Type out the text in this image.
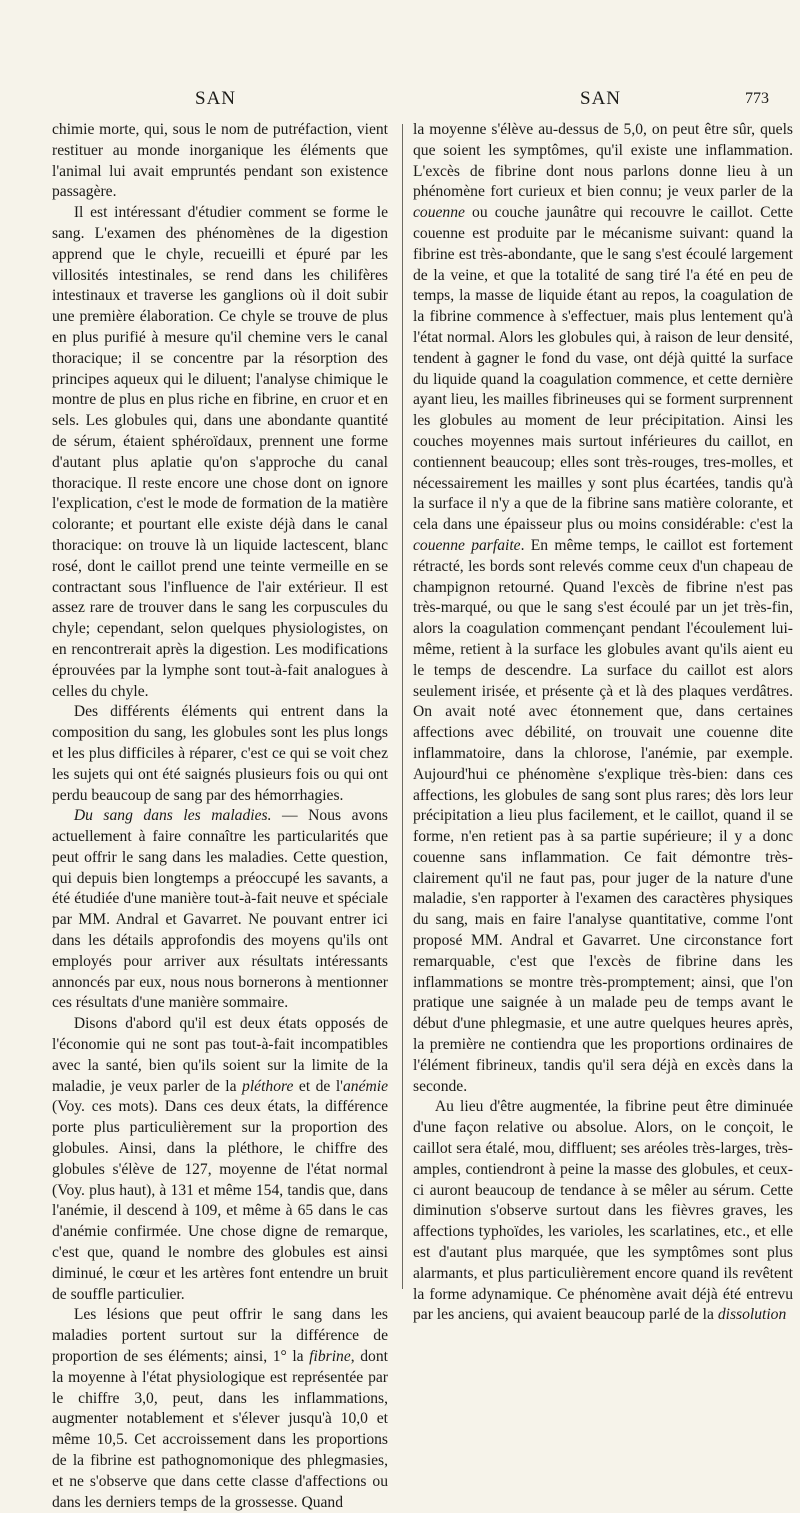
SAN	SAN	773

chimie morte, qui, sous le nom de putréfaction, vient restituer au monde inorganique les éléments que l'animal lui avait empruntés pendant son existence passagère.

Il est intéressant d'étudier comment se forme le sang. L'examen des phénomènes de la digestion apprend que le chyle, recueilli et épuré par les villosités intestinales, se rend dans les chilifères intestinaux et traverse les ganglions où il doit subir une première élaboration. Ce chyle se trouve de plus en plus purifié à mesure qu'il chemine vers le canal thoracique; il se concentre par la résorption des principes aqueux qui le diluent; l'analyse chimique le montre de plus en plus riche en fibrine, en cruor et en sels. Les globules qui, dans une abondante quantité de sérum, étaient sphéroïdaux, prennent une forme d'autant plus aplatie qu'on s'approche du canal thoracique. Il reste encore une chose dont on ignore l'explication, c'est le mode de formation de la matière colorante; et pourtant elle existe déjà dans le canal thoracique: on trouve là un liquide lactescent, blanc rosé, dont le caillot prend une teinte vermeille en se contractant sous l'influence de l'air extérieur. Il est assez rare de trouver dans le sang les corpuscules du chyle; cependant, selon quelques physiologistes, on en rencontrerait après la digestion. Les modifications éprouvées par la lymphe sont tout-à-fait analogues à celles du chyle.

Des différents éléments qui entrent dans la composition du sang, les globules sont les plus longs et les plus difficiles à réparer, c'est ce qui se voit chez les sujets qui ont été saignés plusieurs fois ou qui ont perdu beaucoup de sang par des hémorrhagies.

Du sang dans les maladies. — Nous avons actuellement à faire connaître les particularités que peut offrir le sang dans les maladies. Cette question, qui depuis bien longtemps a préoccupé les savants, a été étudiée d'une manière tout-à-fait neuve et spéciale par MM. Andral et Gavarret. Ne pouvant entrer ici dans les détails approfondis des moyens qu'ils ont employés pour arriver aux résultats intéressants annoncés par eux, nous nous bornerons à mentionner ces résultats d'une manière sommaire.

Disons d'abord qu'il est deux états opposés de l'économie qui ne sont pas tout-à-fait incompatibles avec la santé, bien qu'ils soient sur la limite de la maladie, je veux parler de la pléthore et de l'anémie (Voy. ces mots). Dans ces deux états, la différence porte plus particulièrement sur la proportion des globules. Ainsi, dans la pléthore, le chiffre des globules s'élève de 127, moyenne de l'état normal (Voy. plus haut), à 131 et même 154, tandis que, dans l'anémie, il descend à 109, et même à 65 dans le cas d'anémie confirmée. Une chose digne de remarque, c'est que, quand le nombre des globules est ainsi diminué, le cœur et les artères font entendre un bruit de souffle particulier.

Les lésions que peut offrir le sang dans les maladies portent surtout sur la différence de proportion de ses éléments; ainsi, 1° la fibrine, dont la moyenne à l'état physiologique est représentée par le chiffre 3,0, peut, dans les inflammations, augmenter notablement et s'élever jusqu'à 10,0 et même 10,5. Cet accroissement dans les proportions de la fibrine est pathognomonique des phlegmasies, et ne s'observe que dans cette classe d'affections ou dans les derniers temps de la grossesse. Quand

la moyenne s'élève au-dessus de 5,0, on peut être sûr, quels que soient les symptômes, qu'il existe une inflammation. L'excès de fibrine dont nous parlons donne lieu à un phénomène fort curieux et bien connu; je veux parler de la couenne ou couche jaunâtre qui recouvre le caillot. Cette couenne est produite par le mécanisme suivant: quand la fibrine est très-abondante, que le sang s'est écoulé largement de la veine, et que la totalité de sang tiré l'a été en peu de temps, la masse de liquide étant au repos, la coagulation de la fibrine commence à s'effectuer, mais plus lentement qu'à l'état normal. Alors les globules qui, à raison de leur densité, tendent à gagner le fond du vase, ont déjà quitté la surface du liquide quand la coagulation commence, et cette dernière ayant lieu, les mailles fibrineuses qui se forment surprennent les globules au moment de leur précipitation. Ainsi les couches moyennes mais surtout inférieures du caillot, en contiennent beaucoup; elles sont très-rouges, tres-molles, et nécessairement les mailles y sont plus écartées, tandis qu'à la surface il n'y a que de la fibrine sans matière colorante, et cela dans une épaisseur plus ou moins considérable: c'est la couenne parfaite. En même temps, le caillot est fortement rétracté, les bords sont relevés comme ceux d'un chapeau de champignon retourné. Quand l'excès de fibrine n'est pas très-marqué, ou que le sang s'est écoulé par un jet très-fin, alors la coagulation commençant pendant l'écoulement lui-même, retient à la surface les globules avant qu'ils aient eu le temps de descendre. La surface du caillot est alors seulement irisée, et présente çà et là des plaques verdâtres. On avait noté avec étonnement que, dans certaines affections avec débilité, on trouvait une couenne dite inflammatoire, dans la chlorose, l'anémie, par exemple. Aujourd'hui ce phénomène s'explique très-bien: dans ces affections, les globules de sang sont plus rares; dès lors leur précipitation a lieu plus facilement, et le caillot, quand il se forme, n'en retient pas à sa partie supérieure; il y a donc couenne sans inflammation. Ce fait démontre très-clairement qu'il ne faut pas, pour juger de la nature d'une maladie, s'en rapporter à l'examen des caractères physiques du sang, mais en faire l'analyse quantitative, comme l'ont proposé MM. Andral et Gavarret. Une circonstance fort remarquable, c'est que l'excès de fibrine dans les inflammations se montre très-promptement; ainsi, que l'on pratique une saignée à un malade peu de temps avant le début d'une phlegmasie, et une autre quelques heures après, la première ne contiendra que les proportions ordinaires de l'élément fibrineux, tandis qu'il sera déjà en excès dans la seconde.

Au lieu d'être augmentée, la fibrine peut être diminuée d'une façon relative ou absolue. Alors, on le conçoit, le caillot sera étalé, mou, diffluent; ses aréoles très-larges, très-amples, contiendront à peine la masse des globules, et ceux-ci auront beaucoup de tendance à se mêler au sérum. Cette diminution s'observe surtout dans les fièvres graves, les affections typhoïdes, les varioles, les scarlatines, etc., et elle est d'autant plus marquée, que les symptômes sont plus alarmants, et plus particulièrement encore quand ils revêtent la forme adynamique. Ce phénomène avait déjà été entrevu par les anciens, qui avaient beaucoup parlé de la dissolution
